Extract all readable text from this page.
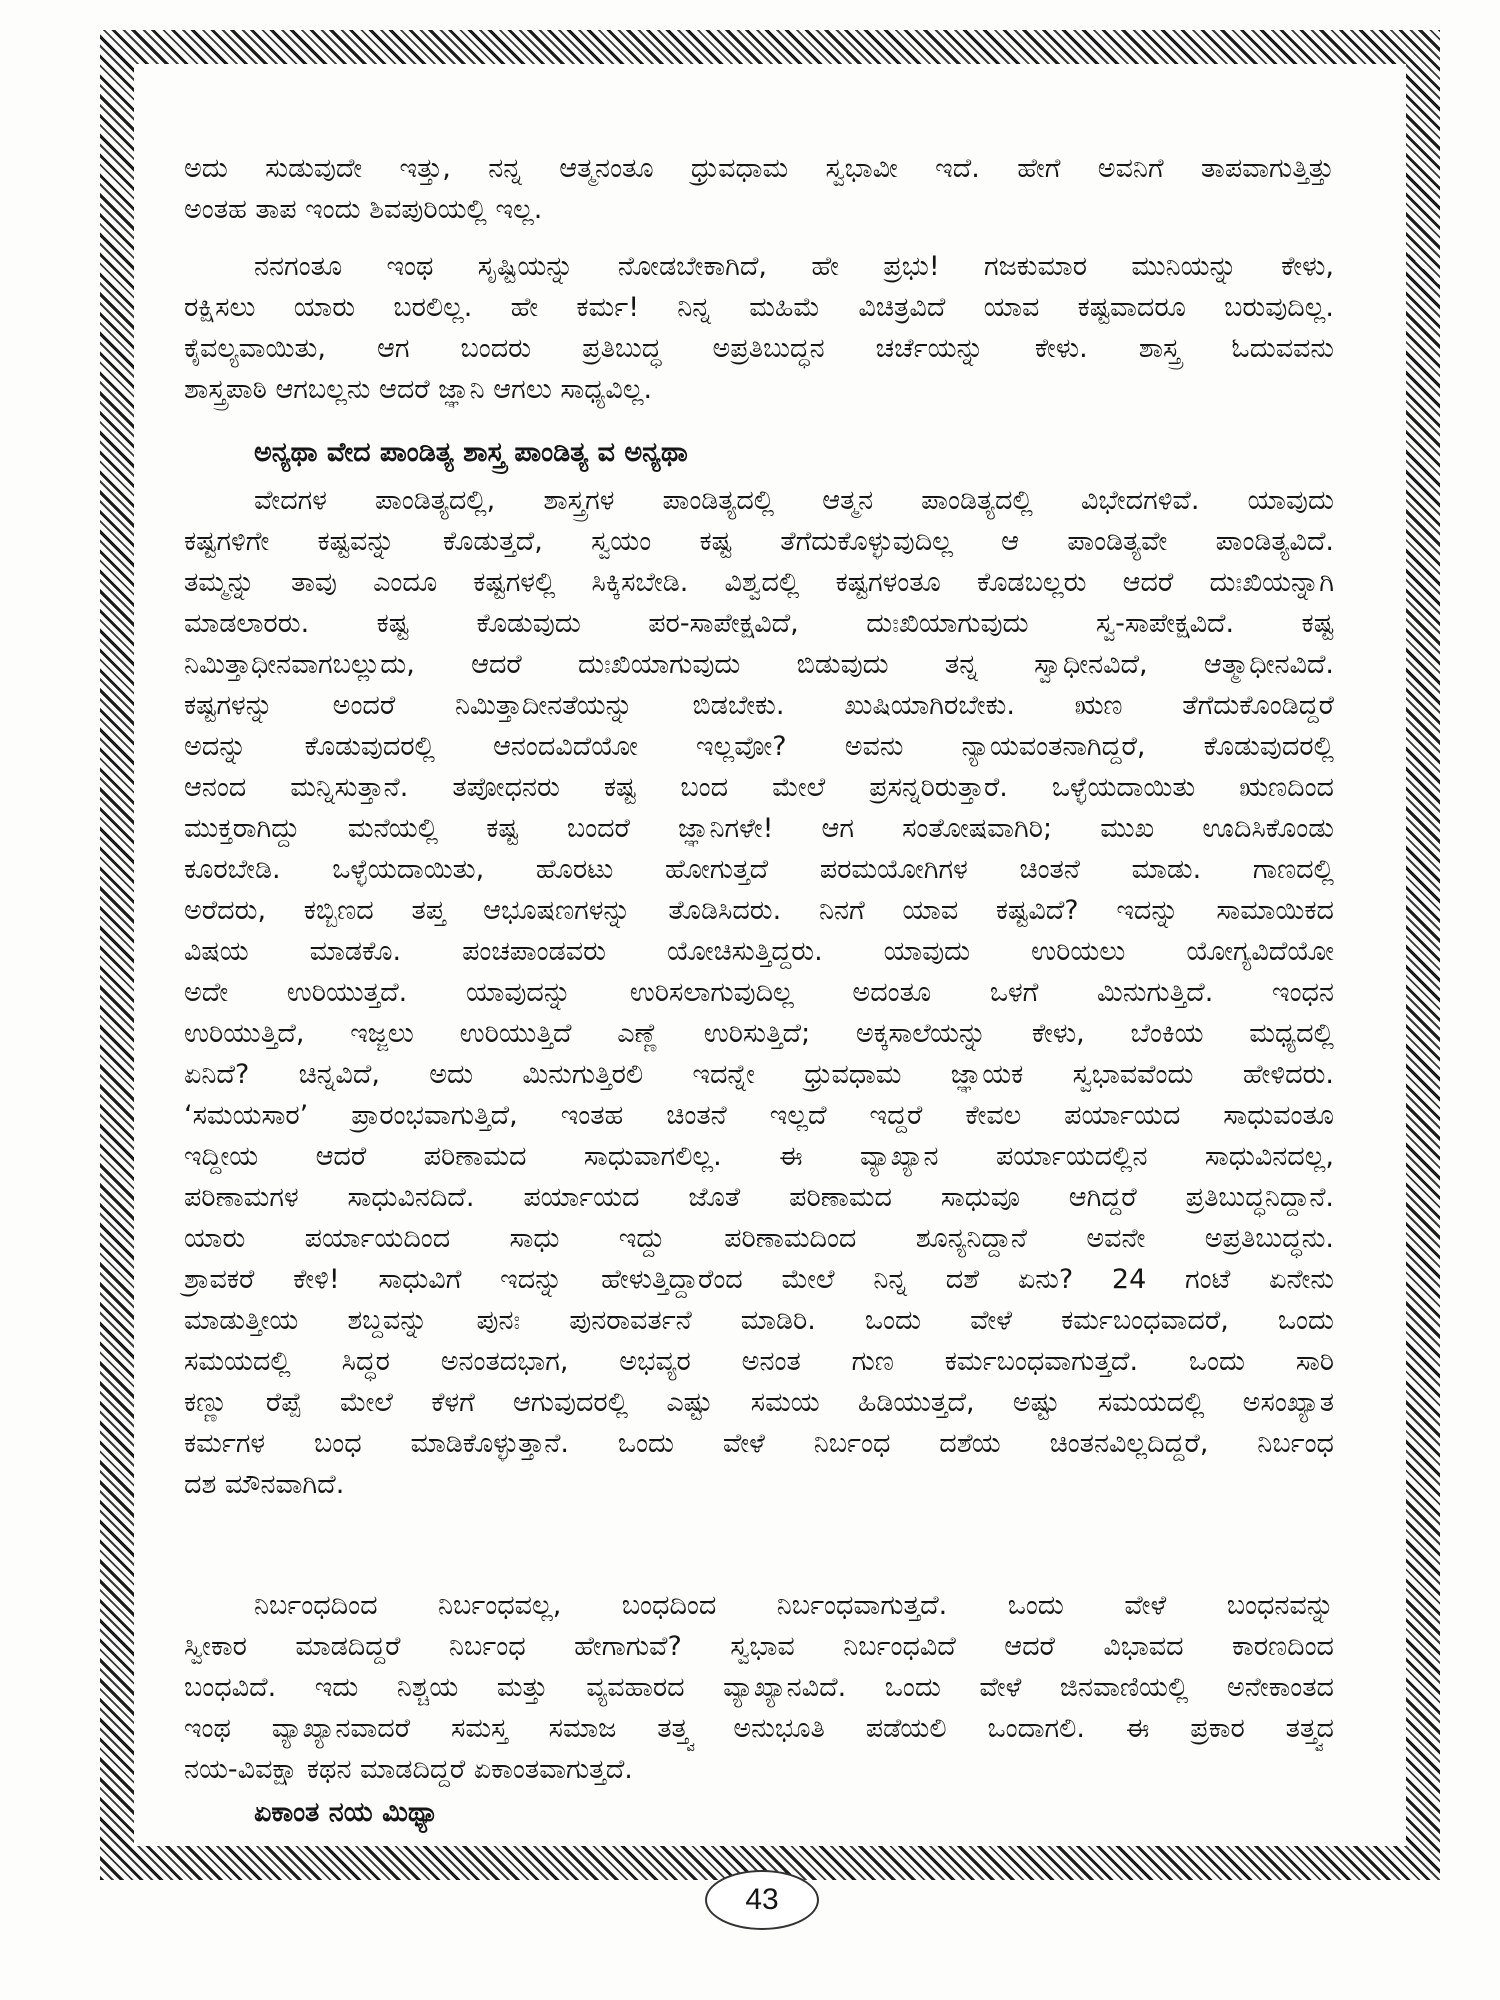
ಅದು ಸುಡುವುದೇ ಇತ್ತು, ನನ್ನ ಆತ್ಮನಂತೂ ಧ್ರುವಧಾಮ ಸ್ವಭಾವೀ ಇದೆ. ಹೇಗೆ ಅವನಿಗೆ ತಾಪವಾಗುತ್ತಿತ್ತು
ಅಂತಹ ತಾಪ ಇಂದು ಶಿವಪುರಿಯಲ್ಲಿ ಇಲ್ಲ.
ನನಗಂತೂ ಇಂಥ ಸೃಷ್ಟಿಯನ್ನು ನೋಡಬೇಕಾಗಿದೆ, ಹೇ ಪ್ರಭು! ಗಜಕುಮಾರ ಮುನಿಯನ್ನು ಕೇಳು,
ರಕ್ಷಿಸಲು ಯಾರು ಬರಲಿಲ್ಲ. ಹೇ ಕರ್ಮ! ನಿನ್ನ ಮಹಿಮೆ ವಿಚಿತ್ರವಿದೆ ಯಾವ ಕಷ್ಟವಾದರೂ ಬರುವುದಿಲ್ಲ.
ಕೈವಲ್ಯವಾಯಿತು, ಆಗ ಬಂದರು ಪ್ರತಿಬುದ್ಧ ಅಪ್ರತಿಬುದ್ಧನ ಚರ್ಚೆಯನ್ನು ಕೇಳು. ಶಾಸ್ತ್ರ ಓದುವವನು
ಶಾಸ್ತ್ರಪಾಠಿ ಆಗಬಲ್ಲನು ಆದರೆ ಜ್ಞಾನಿ ಆಗಲು ಸಾಧ್ಯವಿಲ್ಲ.
ಅನ್ಯಥಾ ವೇದ ಪಾಂಡಿತ್ಯ ಶಾಸ್ತ್ರ ಪಾಂಡಿತ್ಯ ವ ಅನ್ಯಥಾ
ವೇದಗಳ ಪಾಂಡಿತ್ಯದಲ್ಲಿ, ಶಾಸ್ತ್ರಗಳ ಪಾಂಡಿತ್ಯದಲ್ಲಿ ಆತ್ಮನ ಪಾಂಡಿತ್ಯದಲ್ಲಿ ವಿಭೇದಗಳಿವೆ. ಯಾವುದು
ಕಷ್ಟಗಳಿಗೇ ಕಷ್ಟವನ್ನು ಕೊಡುತ್ತದೆ, ಸ್ವಯಂ ಕಷ್ಟ ತೆಗೆದುಕೊಳ್ಳುವುದಿಲ್ಲ ಆ ಪಾಂಡಿತ್ಯವೇ ಪಾಂಡಿತ್ಯವಿದೆ.
ತಮ್ಮನ್ನು ತಾವು ಎಂದೂ ಕಷ್ಟಗಳಲ್ಲಿ ಸಿಕ್ಕಿಸಬೇಡಿ. ವಿಶ್ವದಲ್ಲಿ ಕಷ್ಟಗಳಂತೂ ಕೊಡಬಲ್ಲರು ಆದರೆ ದುಃಖಿಯನ್ನಾಗಿ
ಮಾಡಲಾರರು. ಕಷ್ಟ ಕೊಡುವುದು ಪರ-ಸಾಪೇಕ್ಷವಿದೆ, ದುಃಖಿಯಾಗುವುದು ಸ್ವ-ಸಾಪೇಕ್ಷವಿದೆ. ಕಷ್ಟ
ನಿಮಿತ್ತಾಧೀನವಾಗಬಲ್ಲುದು, ಆದರೆ ದುಃಖಿಯಾಗುವುದು ಬಿಡುವುದು ತನ್ನ ಸ್ವಾಧೀನವಿದೆ, ಆತ್ಮಾಧೀನವಿದೆ.
ಕಷ್ಟಗಳನ್ನು ಅಂದರೆ ನಿಮಿತ್ತಾದೀನತೆಯನ್ನು ಬಿಡಬೇಕು. ಖುಷಿಯಾಗಿರಬೇಕು. ಋಣ ತೆಗೆದುಕೊಂಡಿದ್ದರೆ
ಅದನ್ನು ಕೊಡುವುದರಲ್ಲಿ ಆನಂದವಿದೆಯೋ ಇಲ್ಲವೋ? ಅವನು ನ್ಯಾಯವಂತನಾಗಿದ್ದರೆ, ಕೊಡುವುದರಲ್ಲಿ
ಆನಂದ ಮನ್ನಿಸುತ್ತಾನೆ. ತಪೋಧನರು ಕಷ್ಟ ಬಂದ ಮೇಲೆ ಪ್ರಸನ್ನರಿರುತ್ತಾರೆ. ಒಳ್ಳೆಯದಾಯಿತು ಋಣದಿಂದ
ಮುಕ್ತರಾಗಿದ್ದು ಮನೆಯಲ್ಲಿ ಕಷ್ಟ ಬಂದರೆ ಜ್ಞಾನಿಗಳೇ! ಆಗ ಸಂತೋಷವಾಗಿರಿ; ಮುಖ ಊದಿಸಿಕೊಂಡು
ಕೂರಬೇಡಿ. ಒಳ್ಳೆಯದಾಯಿತು, ಹೊರಟು ಹೋಗುತ್ತದೆ ಪರಮಯೋಗಿಗಳ ಚಿಂತನೆ ಮಾಡು. ಗಾಣದಲ್ಲಿ
ಅರೆದರು, ಕಬ್ಬಿಣದ ತಪ್ತ ಆಭೂಷಣಗಳನ್ನು ತೊಡಿಸಿದರು. ನಿನಗೆ ಯಾವ ಕಷ್ಟವಿದೆ? ಇದನ್ನು ಸಾಮಾಯಿಕದ
ವಿಷಯ ಮಾಡಕೊ. ಪಂಚಪಾಂಡವರು ಯೋಚಿಸುತ್ತಿದ್ದರು. ಯಾವುದು ಉರಿಯಲು ಯೋಗ್ಯವಿದೆಯೋ
ಅದೇ ಉರಿಯುತ್ತದೆ. ಯಾವುದನ್ನು ಉರಿಸಲಾಗುವುದಿಲ್ಲ ಅದಂತೂ ಒಳಗೆ ಮಿನುಗುತ್ತಿದೆ. ಇಂಧನ
ಉರಿಯುತ್ತಿದೆ, ಇಜ್ಜಲು ಉರಿಯುತ್ತಿದೆ ಎಣ್ಣೆ ಉರಿಸುತ್ತಿದೆ; ಅಕ್ಕಸಾಲೆಯನ್ನು ಕೇಳು, ಬೆಂಕಿಯ ಮಧ್ಯದಲ್ಲಿ
ಏನಿದೆ? ಚಿನ್ನವಿದೆ, ಅದು ಮಿನುಗುತ್ತಿರಲಿ ಇದನ್ನೇ ಧ್ರುವಧಾಮ ಜ್ಞಾಯಕ ಸ್ವಭಾವವೆಂದು ಹೇಳಿದರು.
‘ಸಮಯಸಾರ’ ಪ್ರಾರಂಭವಾಗುತ್ತಿದೆ, ಇಂತಹ ಚಿಂತನೆ ಇಲ್ಲದೆ ಇದ್ದರೆ ಕೇವಲ ಪರ್ಯಾಯದ ಸಾಧುವಂತೂ
ಇದ್ದೀಯ ಆದರೆ ಪರಿಣಾಮದ ಸಾಧುವಾಗಲಿಲ್ಲ. ಈ ವ್ಯಾಖ್ಯಾನ ಪರ್ಯಾಯದಲ್ಲಿನ ಸಾಧುವಿನದಲ್ಲ,
ಪರಿಣಾಮಗಳ ಸಾಧುವಿನದಿದೆ. ಪರ್ಯಾಯದ ಜೊತೆ ಪರಿಣಾಮದ ಸಾಧುವೂ ಆಗಿದ್ದರೆ ಪ್ರತಿಬುದ್ಧನಿದ್ದಾನೆ.
ಯಾರು ಪರ್ಯಾಯದಿಂದ ಸಾಧು ಇದ್ದು ಪರಿಣಾಮದಿಂದ ಶೂನ್ಯನಿದ್ದಾನೆ ಅವನೇ ಅಪ್ರತಿಬುದ್ಧನು.
ಶ್ರಾವಕರೆ ಕೇಳಿ! ಸಾಧುವಿಗೆ ಇದನ್ನು ಹೇಳುತ್ತಿದ್ದಾರೆಂದ ಮೇಲೆ ನಿನ್ನ ದಶೆ ಏನು? 24 ಗಂಟೆ ಏನೇನು
ಮಾಡುತ್ತೀಯ ಶಬ್ದವನ್ನು ಪುನಃ ಪುನರಾವರ್ತನೆ ಮಾಡಿರಿ. ಒಂದು ವೇಳೆ ಕರ್ಮಬಂಧವಾದರೆ, ಒಂದು
ಸಮಯದಲ್ಲಿ ಸಿದ್ಧರ ಅನಂತದಭಾಗ, ಅಭವ್ಯರ ಅನಂತ ಗುಣ ಕರ್ಮಬಂಧವಾಗುತ್ತದೆ. ಒಂದು ಸಾರಿ
ಕಣ್ಣು ರೆಪ್ಪೆ ಮೇಲೆ ಕೆಳಗೆ ಆಗುವುದರಲ್ಲಿ ಎಷ್ಟು ಸಮಯ ಹಿಡಿಯುತ್ತದೆ, ಅಷ್ಟು ಸಮಯದಲ್ಲಿ ಅಸಂಖ್ಯಾತ
ಕರ್ಮಗಳ ಬಂಧ ಮಾಡಿಕೊಳ್ಳುತ್ತಾನೆ. ಒಂದು ವೇಳೆ ನಿರ್ಬಂಧ ದಶೆಯ ಚಿಂತನವಿಲ್ಲದಿದ್ದರೆ, ನಿರ್ಬಂಧ
ದಶ ಮೌನವಾಗಿದೆ.
ನಿರ್ಬಂಧದಿಂದ ನಿರ್ಬಂಧವಲ್ಲ, ಬಂಧದಿಂದ ನಿರ್ಬಂಧವಾಗುತ್ತದೆ. ಒಂದು ವೇಳೆ ಬಂಧನವನ್ನು
ಸ್ವೀಕಾರ ಮಾಡದಿದ್ದರೆ ನಿರ್ಬಂಧ ಹೇಗಾಗುವೆ? ಸ್ವಭಾವ ನಿರ್ಬಂಧವಿದೆ ಆದರೆ ವಿಭಾವದ ಕಾರಣದಿಂದ
ಬಂಧವಿದೆ. ಇದು ನಿಶ್ಚಯ ಮತ್ತು ವ್ಯವಹಾರದ ವ್ಯಾಖ್ಯಾನವಿದೆ. ಒಂದು ವೇಳೆ ಜಿನವಾಣಿಯಲ್ಲಿ ಅನೇಕಾಂತದ
ಇಂಥ ವ್ಯಾಖ್ಯಾನವಾದರೆ ಸಮಸ್ತ ಸಮಾಜ ತತ್ತ್ವ ಅನುಭೂತಿ ಪಡೆಯಲಿ ಒಂದಾಗಲಿ. ಈ ಪ್ರಕಾರ ತತ್ತ್ವದ
ನಯ-ವಿವಕ್ಷಾ ಕಥನ ಮಾಡದಿದ್ದರೆ ಏಕಾಂತವಾಗುತ್ತದೆ.
ಏಕಾಂತ ನಯ ಮಿಥ್ಯಾ
43
